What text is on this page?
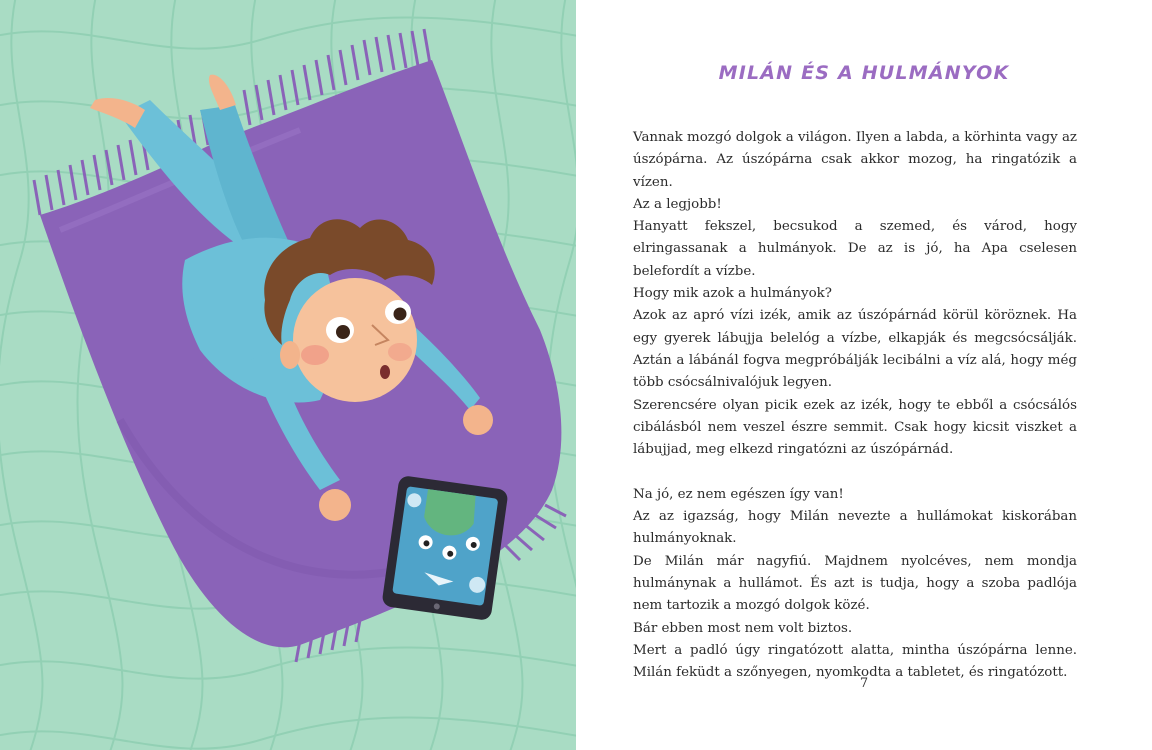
MILÁN ÉS A HULMÁNYOK

Vannak mozgó dolgok a világon. Ilyen a labda, a körhinta vagy az úszópárna. Az úszópárna csak akkor mozog, ha ringatózik a vízen.

Az a legjobb!

Hanyatt fekszel, becsukod a szemed, és várod, hogy elringassanak a hulmányok. De az is jó, ha Apa cselesen belefordít a vízbe.

Hogy mik azok a hulmányok?

Azok az apró vízi izék, amik az úszópárnád körül köröznek. Ha egy gyerek lábujja belelóg a vízbe, elkapják és megcsócsálják. Aztán a lábánál fogva megpróbálják lecibálni a víz alá, hogy még több csócsálnivalójuk legyen.

Szerencsére olyan picik ezek az izék, hogy te ebből a csócsálós cibálásból nem veszel észre semmit. Csak hogy kicsit viszket a lábujjad, meg elkezd ringatózni az úszópárnád.

Na jó, ez nem egészen így van!

Az az igazság, hogy Milán nevezte a hullámokat kiskorában hulmányoknak.

De Milán már nagyfiú. Majdnem nyolcéves, nem mondja hulmánynak a hullámot. És azt is tudja, hogy a szoba padlója nem tartozik a mozgó dolgok közé.

Bár ebben most nem volt biztos.

Mert a padló úgy ringatózott alatta, mintha úszópárna lenne. Milán feküdt a szőnyegen, nyomkodta a tabletet, és ringatózott.

7
